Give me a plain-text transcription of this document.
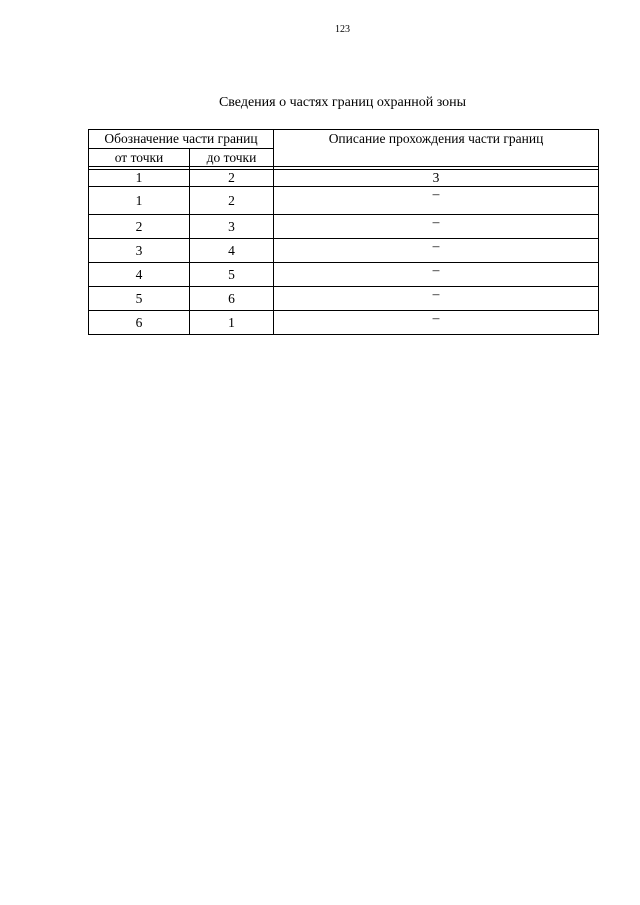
123
Сведения о частях границ охранной зоны
Обозначение части границ		Описание прохождения части границ
от точки	до точки	

1	2	3
1	2	–
2	3	–
3	4	–
4	5	–
5	6	–
6	1	–
